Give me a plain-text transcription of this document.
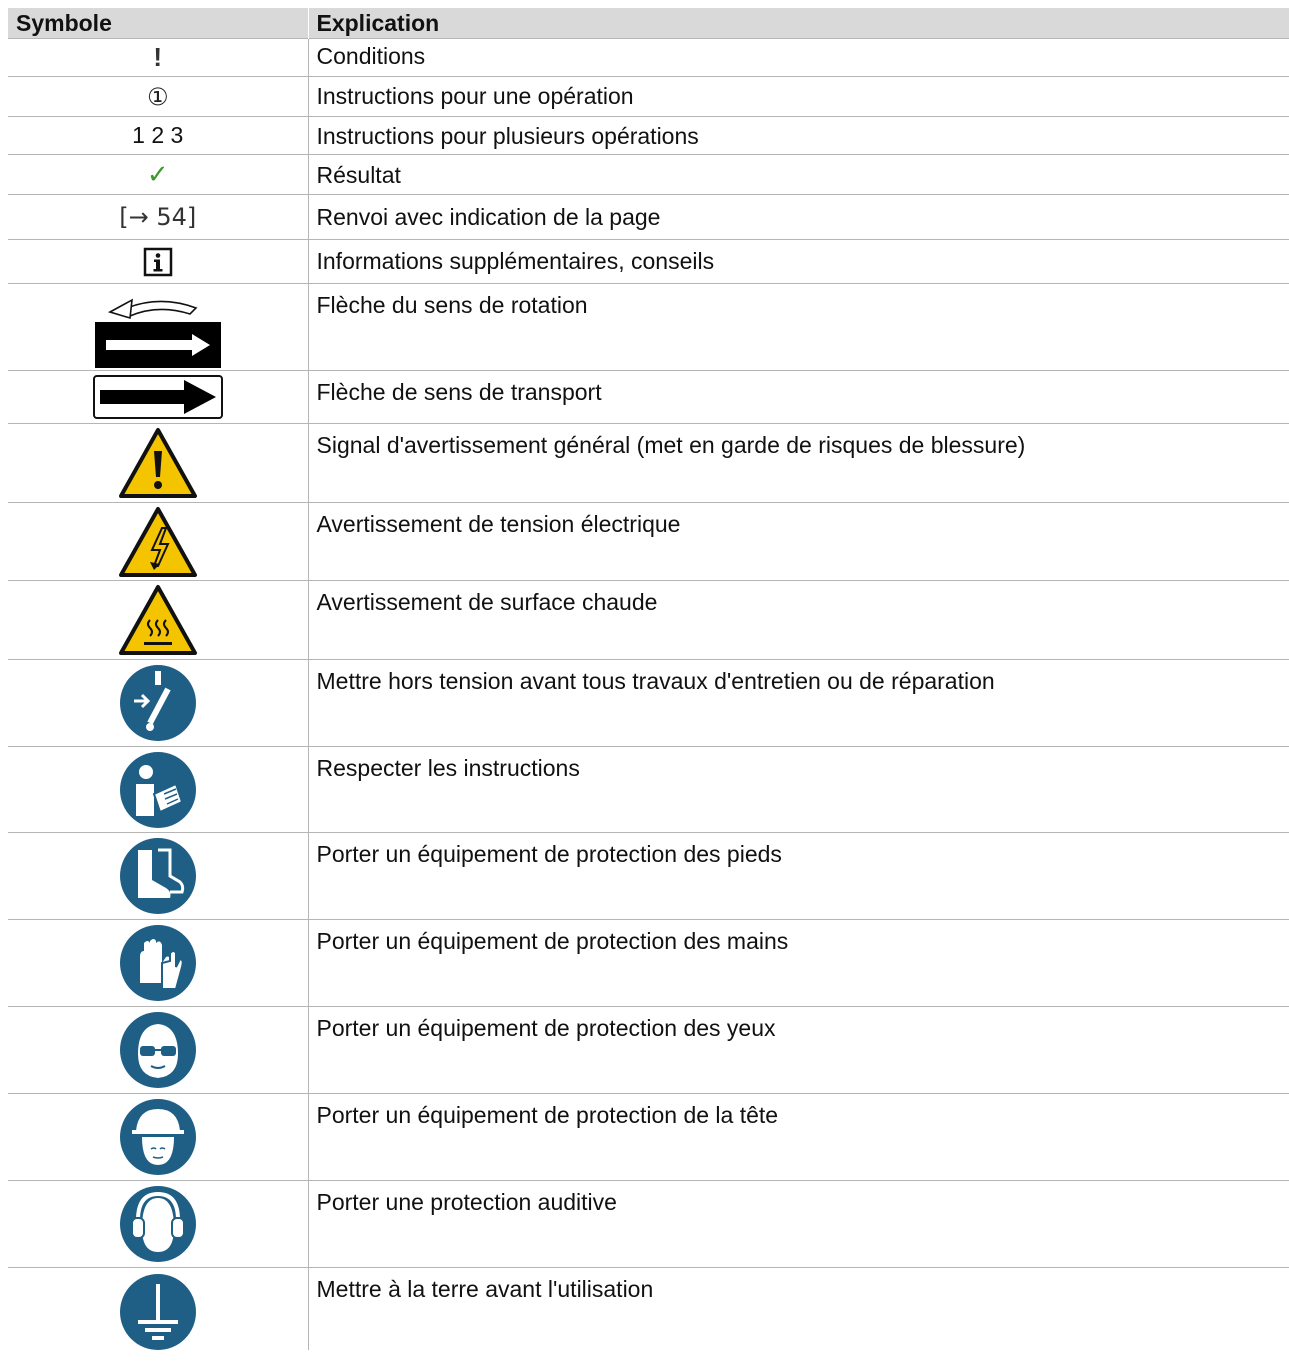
Symbole	Explication
!	Conditions
①	Instructions pour une opération
1 2 3	Instructions pour plusieurs opérations
✓	Résultat
[→ 54]	Renvoi avec indication de la page

	Informations supplémentaires, conseils

	Flèche du sens de rotation

	Flèche de sens de transport

	Signal d'avertissement général (met en garde de risques de blessure)

	Avertissement de tension électrique

	Avertissement de surface chaude

	Mettre hors tension avant tous travaux d'entretien ou de réparation

	Respecter les instructions

	Porter un équipement de protection des pieds

	Porter un équipement de protection des mains

	Porter un équipement de protection des yeux

	Porter un équipement de protection de la tête

	Porter une protection auditive

	Mettre à la terre avant l'utilisation
